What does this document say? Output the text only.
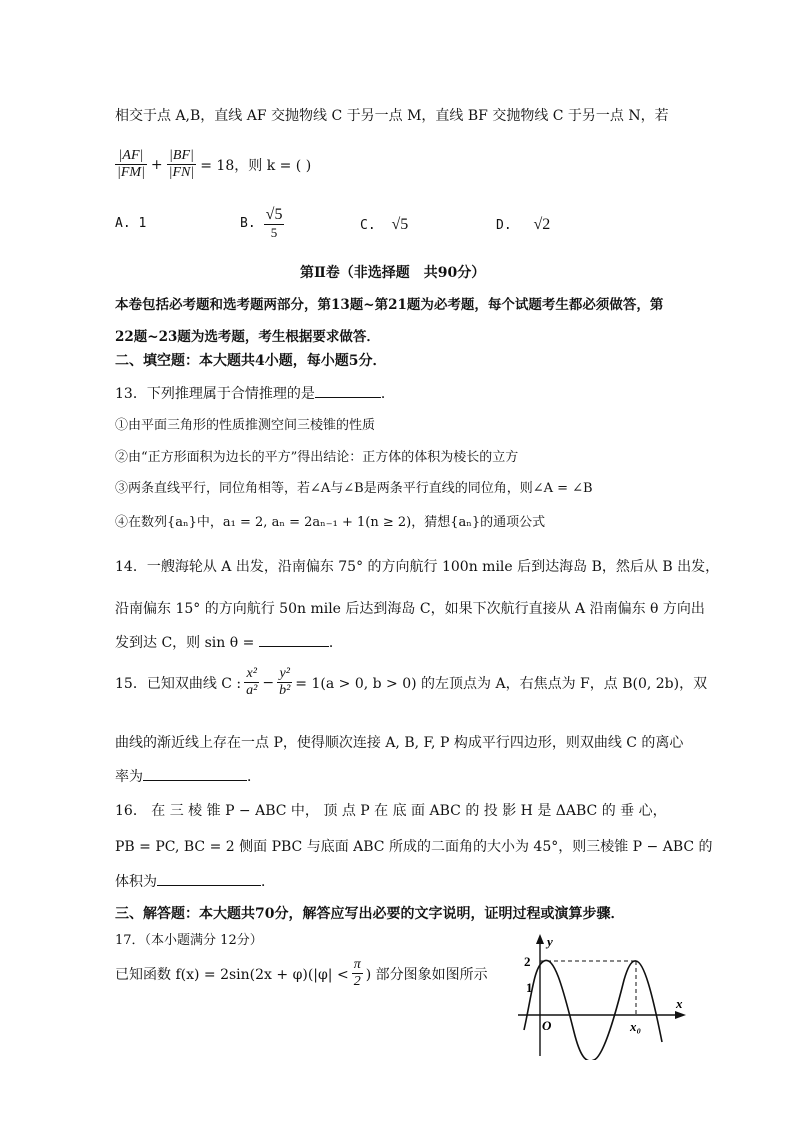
相交于点 A,B，直线 AF 交抛物线 C 于另一点 M，直线 BF 交抛物线 C 于另一点 N，若
$\frac{|AF|}{|FM|} + \frac{|BF|}{|FN|} = 18$，则 k = ( )
A. 1	B. $\frac{√5}{5}$	C. √5	D. √2
第Ⅱ卷（非选择题　共90分）
本卷包括必考题和选考题两部分，第13题~第21题为必考题，每个试题考生都必须做答，第
22题~23题为选考题，考生根据要求做答．
二、填空题：本大题共4小题，每小题5分．
13．下列推理属于合情推理的是	．
①由平面三角形的性质推测空间三棱锥的性质
②由“正方形面积为边长的平方”得出结论：正方体的体积为棱长的立方
③两条直线平行，同位角相等，若∠A与∠B是两条平行直线的同位角，则∠A = ∠B
④在数列{aₙ}中，a₁ = 2, aₙ = 2aₙ₋₁ + 1(n ≥ 2)，猜想{aₙ}的通项公式
14．一艘海轮从 A 出发，沿南偏东 75° 的方向航行 100n mile 后到达海岛 B，然后从 B 出发，
沿南偏东 15° 的方向航行 50n mile 后达到海岛 C，如果下次航行直接从 A 沿南偏东 θ 方向出
发到达 C，则 sin θ =	．
15．已知双曲线 C : $\frac{\text{x²}}{\text{a²}} - \frac{\text{y²}}{\text{b²}} = 1(a > 0$, b > 0) 的左顶点为 A，右焦点为 F，点 B(0, 2b)，双
曲线的渐近线上存在一点 P，使得顺次连接 A, B, F, P 构成平行四边形，则双曲线 C 的离心
率为	．
16． 在 三 棱 锥 P − ABC 中， 顶 点 P 在 底 面 ABC 的 投 影 H 是 ΔABC 的 垂 心，
PB = PC, BC = 2 侧面 PBC 与底面 ABC 所成的二面角的大小为 45°，则三棱锥 P − ABC 的
体积为	．
三、解答题：本大题共70分，解答应写出必要的文字说明，证明过程或演算步骤．
17．（本小题满分 12分）
已知函数 $f(x) = 2\sin(2x + \varphi)(|\varphi| < \frac{\pi}{2}$ ) 部分图象如图所示
y
x
O
2
1
x₀
